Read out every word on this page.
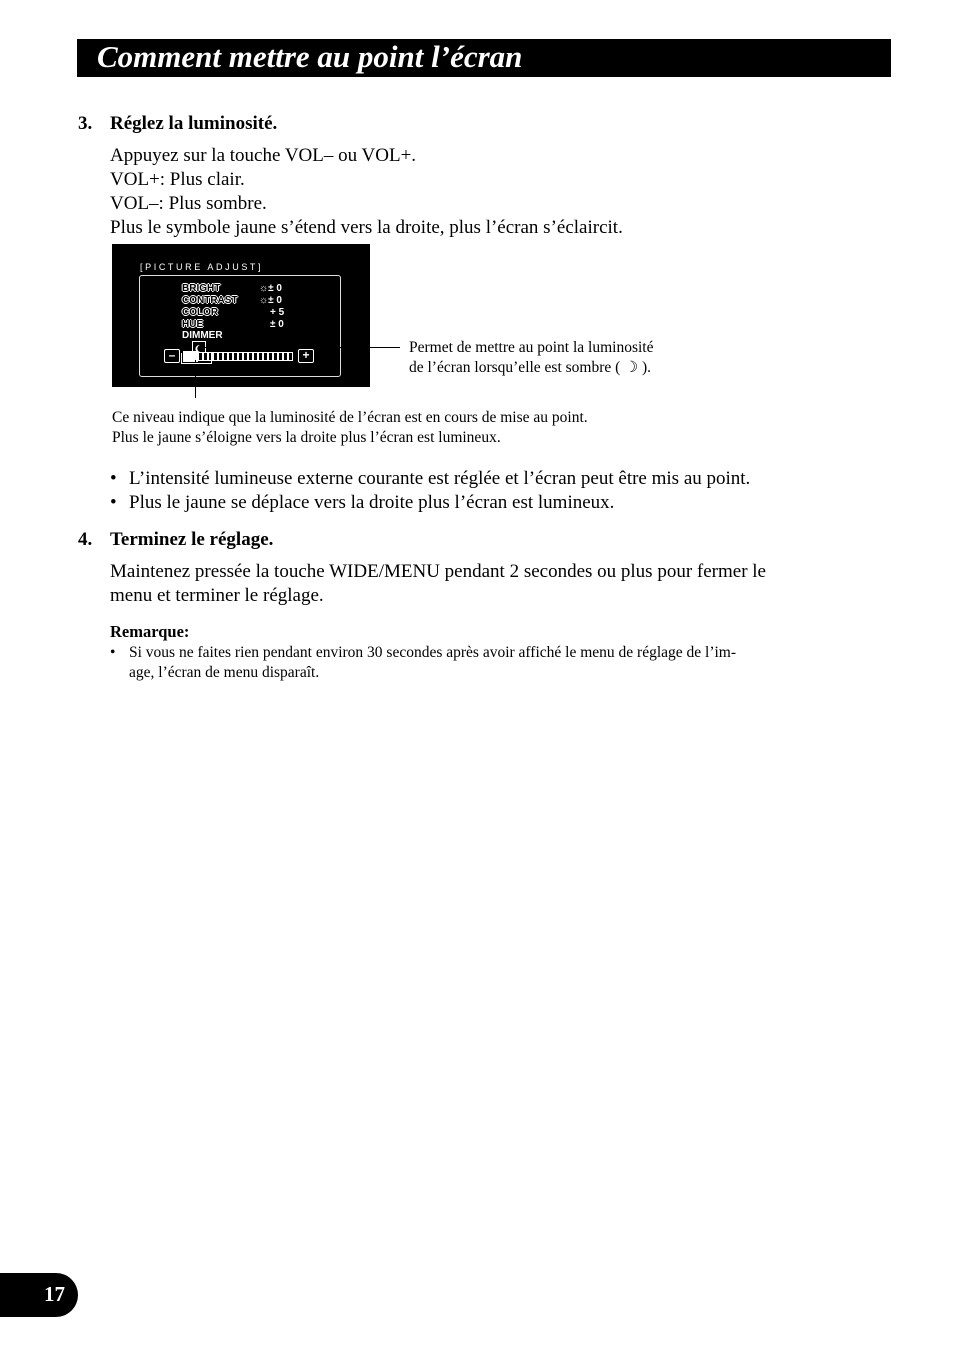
Comment mettre au point l’écran
3. Réglez la luminosité.
Appuyez sur la touche VOL– ou VOL+.
VOL+: Plus clair.
VOL–: Plus sombre.
Plus le symbole jaune s’étend vers la droite, plus l’écran s’éclaircit.
[PICTURE ADJUST]
BRIGHT
CONTRAST
COLOR
HUE
☼± 0
☼± 0
+ 5
± 0
DIMMER
–	+	Permet de mettre au point la luminosité
de l’écran lorsqu’elle est sombre ( ☽ ).
Ce niveau indique que la luminosité de l’écran est en cours de mise au point.
Plus le jaune s’éloigne vers la droite plus l’écran est lumineux.
• L’intensité lumineuse externe courante est réglée et l’écran peut être mis au point.
• Plus le jaune se déplace vers la droite plus l’écran est lumineux.
4. Terminez le réglage.
Maintenez pressée la touche WIDE/MENU pendant 2 secondes ou plus pour fermer le
menu et terminer le réglage.
Remarque:
• Si vous ne faites rien pendant environ 30 secondes après avoir affiché le menu de réglage de l’im-
age, l’écran de menu disparaît.
17
